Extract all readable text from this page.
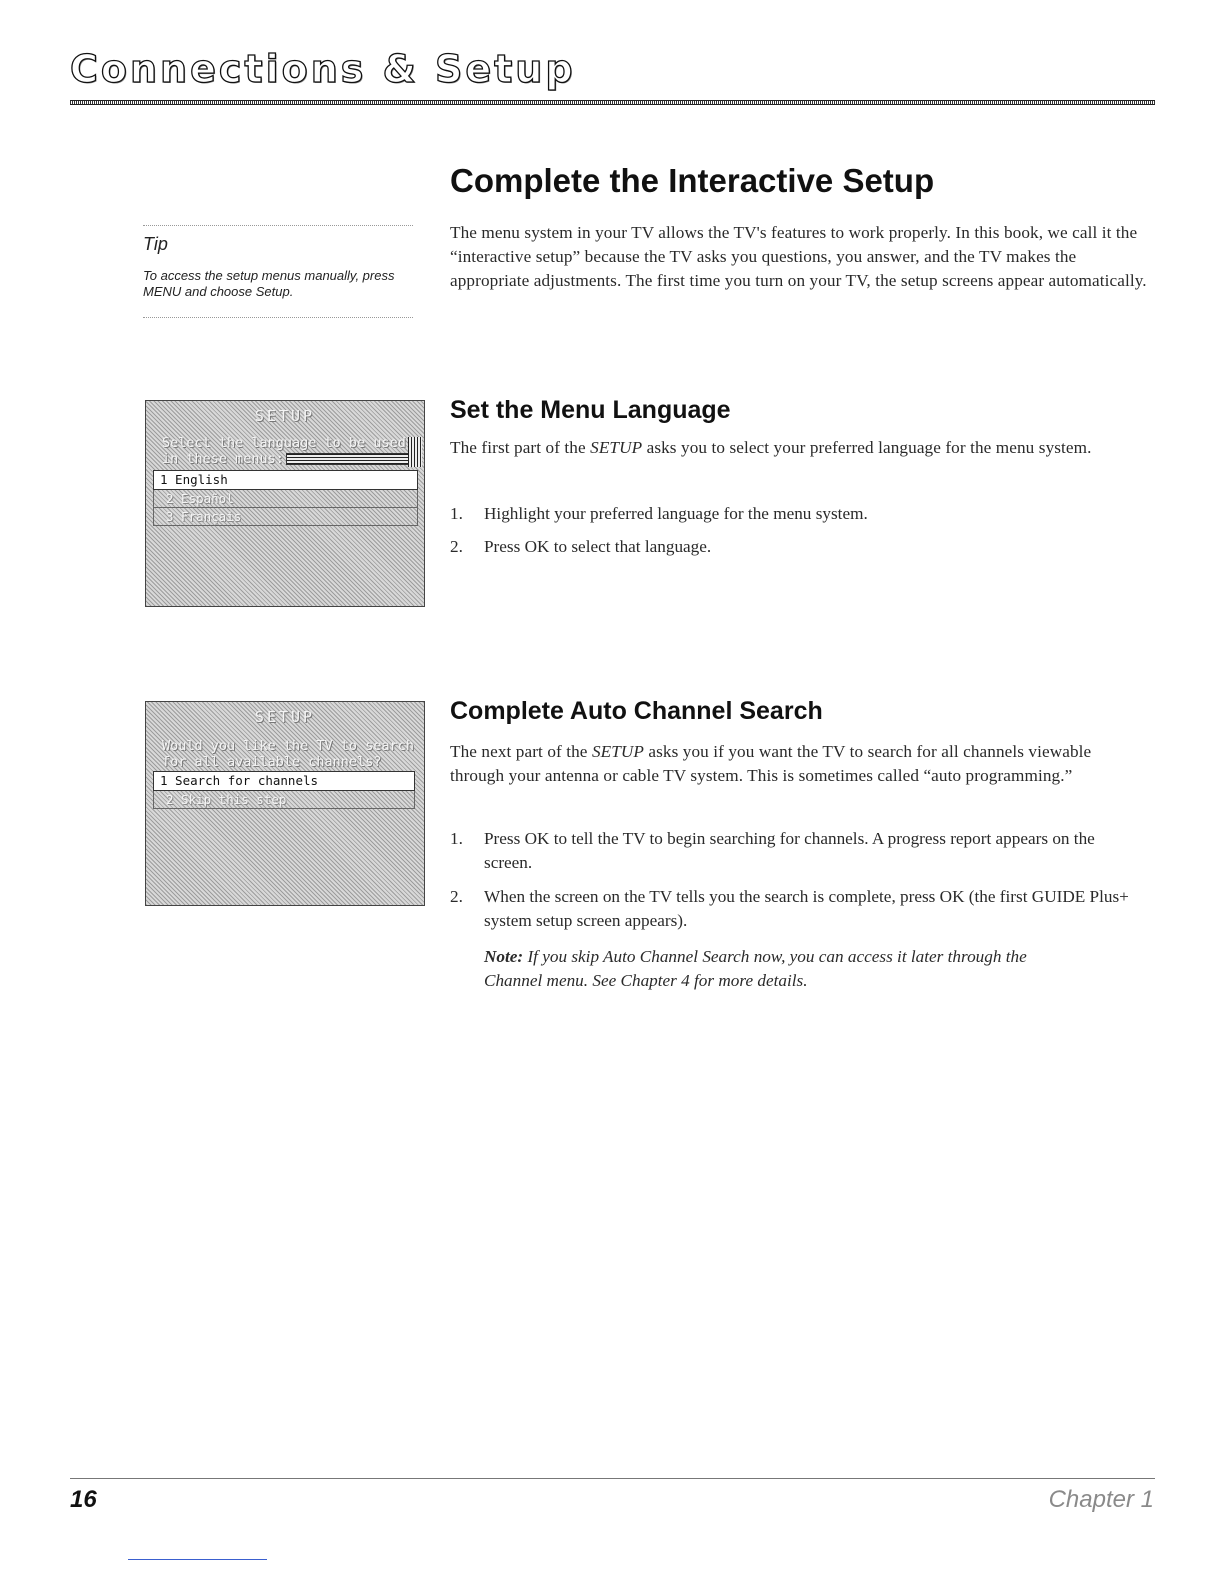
Connections & Setup
Complete the Interactive Setup

The menu system in your TV allows the TV's features to work properly. In this book, we call it the “interactive setup” because the TV asks you questions, you answer, and the TV makes the appropriate adjustments. The first time you turn on your TV, the setup screens appear automatically.

Tip
To access the setup menus manually, press MENU and choose Setup.
SETUP
Select the language to be used
in these menus:
1 English
2 Español
3 Français
Set the Menu Language

The first part of the SETUP asks you to select your preferred language for the menu system.

1. Highlight your preferred language for the menu system.
2. Press OK to select that language.
SETUP
Would you like the TV to search
for all available channels?
1 Search for channels
2 Skip this step
Complete Auto Channel Search

The next part of the SETUP asks you if you want the TV to search for all channels viewable through your antenna or cable TV system. This is sometimes called “auto programming.”

1. Press OK to tell the TV to begin searching for channels. A progress report appears on the screen.
2. When the screen on the TV tells you the search is complete, press OK (the first GUIDE Plus+ system setup screen appears).

Note: If you skip Auto Channel Search now, you can access it later through the Channel menu. See Chapter 4 for more details.

16	Chapter 1
